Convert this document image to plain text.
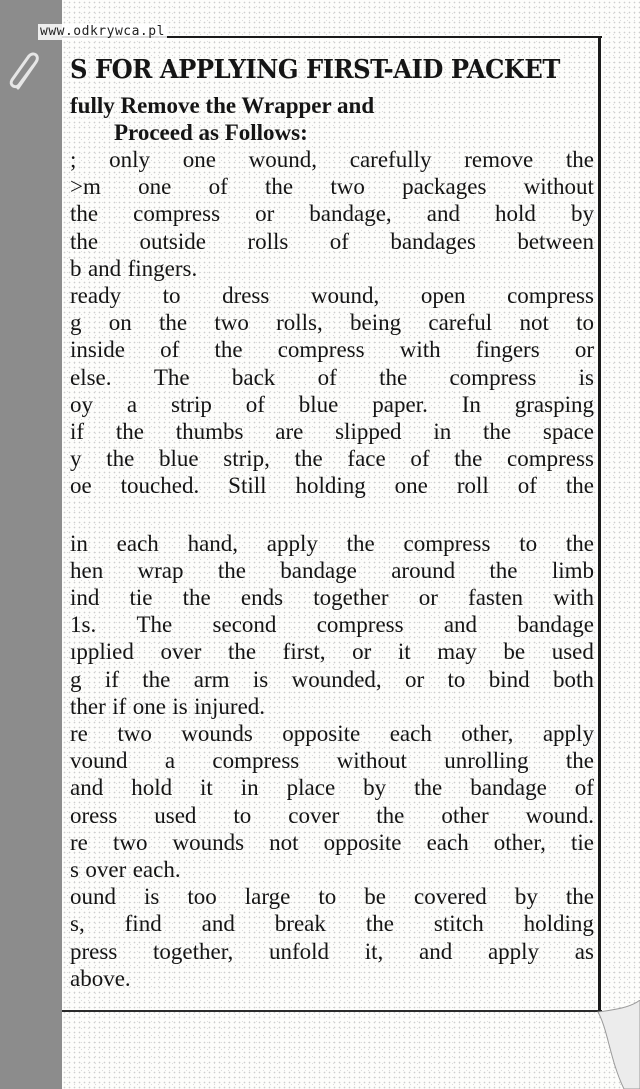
www.odkrywca.pl
S FOR APPLYING FIRST-AID PACKET
fully Remove the Wrapper and
Proceed as Follows:
; only one wound, carefully remove the
>m one of the two packages without
the compress or bandage, and hold by
the outside rolls of bandages between
b and fingers.
ready to dress wound, open compress
g on the two rolls, being careful not to
inside of the compress with fingers or
else. The back of the compress is
oy a strip of blue paper. In grasping
if the thumbs are slipped in the space
y the blue strip, the face of the compress
oe touched. Still holding one roll of the
in each hand, apply the compress to the
hen wrap the bandage around the limb
ind tie the ends together or fasten with
1s. The second compress and bandage
ıpplied over the first, or it may be used
g if the arm is wounded, or to bind both
ther if one is injured.
re two wounds opposite each other, apply
vound a compress without unrolling the
and hold it in place by the bandage of
oress used to cover the other wound.
re two wounds not opposite each other, tie
s over each.
ound is too large to be covered by the
s, find and break the stitch holding
press together, unfold it, and apply as
above.
